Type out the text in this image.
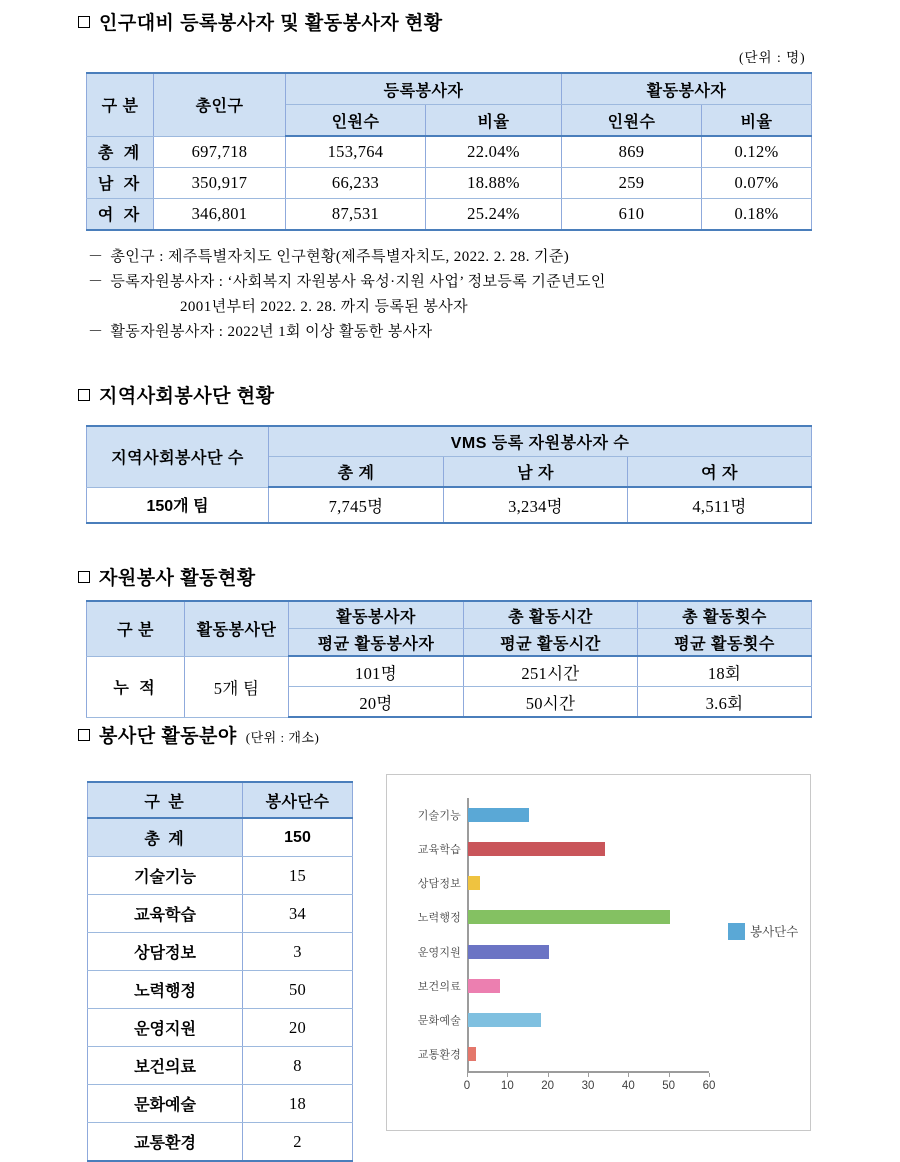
인구대비 등록봉사자 및 활동봉사자 현황
(단위 : 명)
구 분	총인구	등록봉사자		활동봉사자	
		인원수	비율	인원수	비율
총 계	697,718	153,764	22.04%	869	0.12%
남 자	350,917	66,233	18.88%	259	0.07%
여 자	346,801	87,531	25.24%	610	0.18%
－ 총인구 : 제주특별자치도 인구현황(제주특별자치도, 2022. 2. 28. 기준)
－ 등록자원봉사자 : ‘사회복지 자원봉사 육성·지원 사업’ 정보등록 기준년도인
2001년부터 2022. 2. 28. 까지 등록된 봉사자
－ 활동자원봉사자 : 2022년 1회 이상 활동한 봉사자
지역사회봉사단 현황
지역사회봉사단 수	VMS 등록 자원봉사자 수		
	총 계	남 자	여 자
150개 팀	7,745명	3,234명	4,511명
자원봉사 활동현황
구 분	활동봉사단	활동봉사자	총 활동시간	총 활동횟수
		평균 활동봉사자	평균 활동시간	평균 활동횟수
누 적	5개 팀	101명	251시간	18회
		20명	50시간	3.6회
봉사단 활동분야 (단위 : 개소)
구 분	봉사단수
총 계	150
기술기능	15
교육학습	34
상담정보	3
노력행정	50
운영지원	20
보건의료	8
문화예술	18
교통환경	2
0	10 20 30 40 50 60
기술기능
교육학습
상담정보
노력행정
운영지원
보건의료
문화예술
교통환경
봉사단수
